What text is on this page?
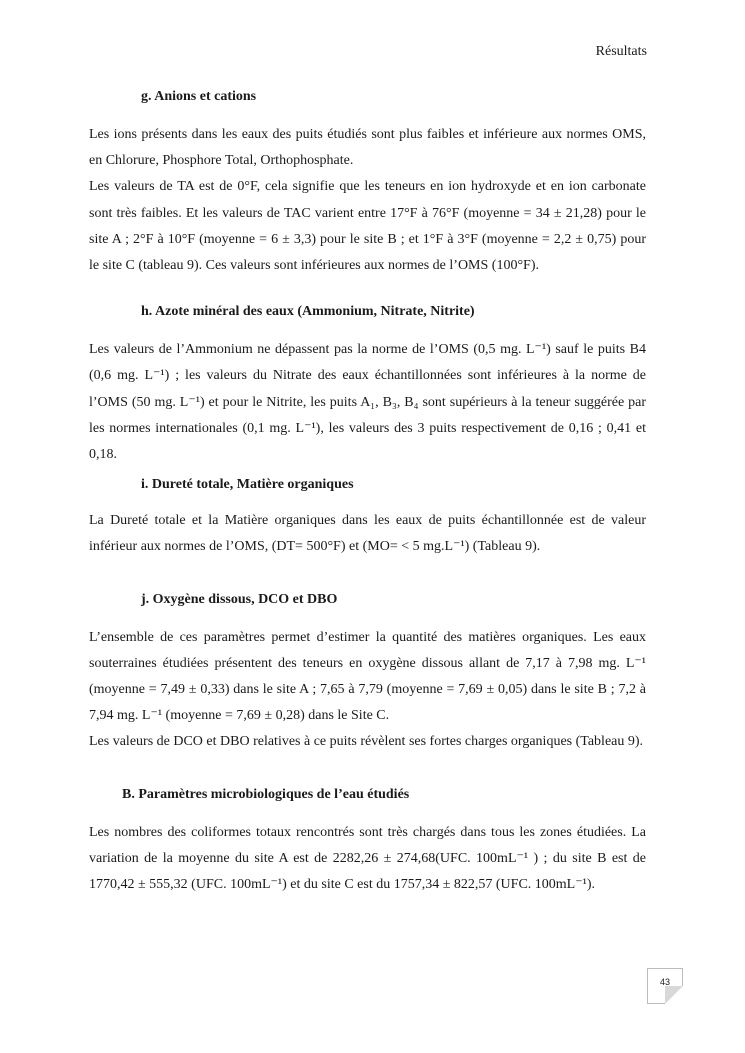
Résultats
g. Anions et cations

Les ions présents dans les eaux des puits étudiés sont plus faibles et inférieure aux normes OMS, en Chlorure, Phosphore Total, Orthophosphate.

Les valeurs de TA est de 0°F, cela signifie que les teneurs en ion hydroxyde et en ion carbonate sont très faibles. Et les valeurs de TAC varient entre 17°F à 76°F (moyenne = 34 ± 21,28) pour le site A ; 2°F à 10°F (moyenne = 6 ± 3,3) pour le site B ; et 1°F à 3°F (moyenne = 2,2 ± 0,75) pour le site C (tableau 9). Ces valeurs sont inférieures aux normes de l’OMS (100°F).

h. Azote minéral des eaux (Ammonium, Nitrate, Nitrite)

Les valeurs de l’Ammonium ne dépassent pas la norme de l’OMS (0,5 mg. L⁻¹) sauf le puits B4 (0,6 mg. L⁻¹) ; les valeurs du Nitrate des eaux échantillonnées sont inférieures à la norme de l’OMS (50 mg. L⁻¹) et pour le Nitrite, les puits A₁, B₃, B₄ sont supérieurs à la teneur suggérée par les normes internationales (0,1 mg. L⁻¹), les valeurs des 3 puits respectivement de 0,16 ; 0,41 et 0,18.

i. Dureté totale, Matière organiques

La Dureté totale et la Matière organiques dans les eaux de puits échantillonnée est de valeur inférieur aux normes de l’OMS, (DT= 500°F) et (MO= < 5 mg.L⁻¹) (Tableau 9).

j. Oxygène dissous, DCO et DBO

L’ensemble de ces paramètres permet d’estimer la quantité des matières organiques. Les eaux souterraines étudiées présentent des teneurs en oxygène dissous allant de 7,17 à 7,98 mg. L⁻¹ (moyenne = 7,49 ± 0,33) dans le site A ; 7,65 à 7,79 (moyenne = 7,69 ± 0,05) dans le site B ; 7,2 à 7,94 mg. L⁻¹ (moyenne = 7,69 ± 0,28) dans le Site C.

Les valeurs de DCO et DBO relatives à ce puits révèlent ses fortes charges organiques (Tableau 9).

B. Paramètres microbiologiques de l’eau étudiés

Les nombres des coliformes totaux rencontrés sont très chargés dans tous les zones étudiées. La variation de la moyenne du site A est de 2282,26 ± 274,68(UFC. 100mL⁻¹ ) ; du site B est de 1770,42 ± 555,32 (UFC. 100mL⁻¹) et du site C est du 1757,34 ± 822,57 (UFC. 100mL⁻¹).

43
